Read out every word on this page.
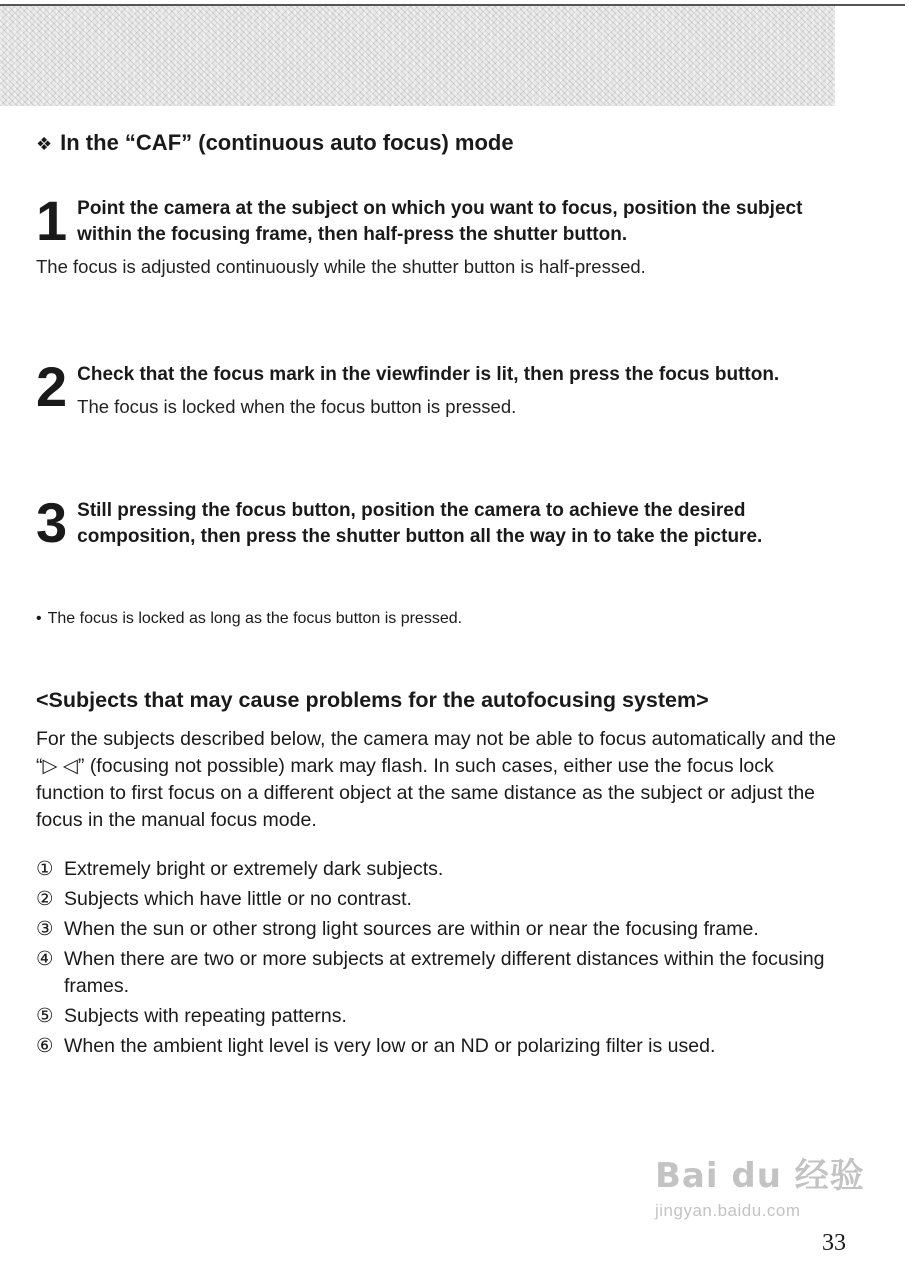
❖ In the “CAF” (continuous auto focus) mode
1 Point the camera at the subject on which you want to focus, position the subject within the focusing frame, then half-press the shutter button.
The focus is adjusted continuously while the shutter button is half-pressed.
2 Check that the focus mark in the viewfinder is lit, then press the focus button.
The focus is locked when the focus button is pressed.
3 Still pressing the focus button, position the camera to achieve the desired composition, then press the shutter button all the way in to take the picture.
• The focus is locked as long as the focus button is pressed.
<Subjects that may cause problems for the autofocusing system>
For the subjects described below, the camera may not be able to focus automatically and the “▷ ◁” (focusing not possible) mark may flash. In such cases, either use the focus lock function to first focus on a different object at the same distance as the subject or adjust the focus in the manual focus mode.
① Extremely bright or extremely dark subjects.
② Subjects which have little or no contrast.
③ When the sun or other strong light sources are within or near the focusing frame.
④ When there are two or more subjects at extremely different distances within the focusing frames.
⑤ Subjects with repeating patterns.
⑥ When the ambient light level is very low or an ND or polarizing filter is used.
Bai du 经验
jingyan.baidu.com
33
